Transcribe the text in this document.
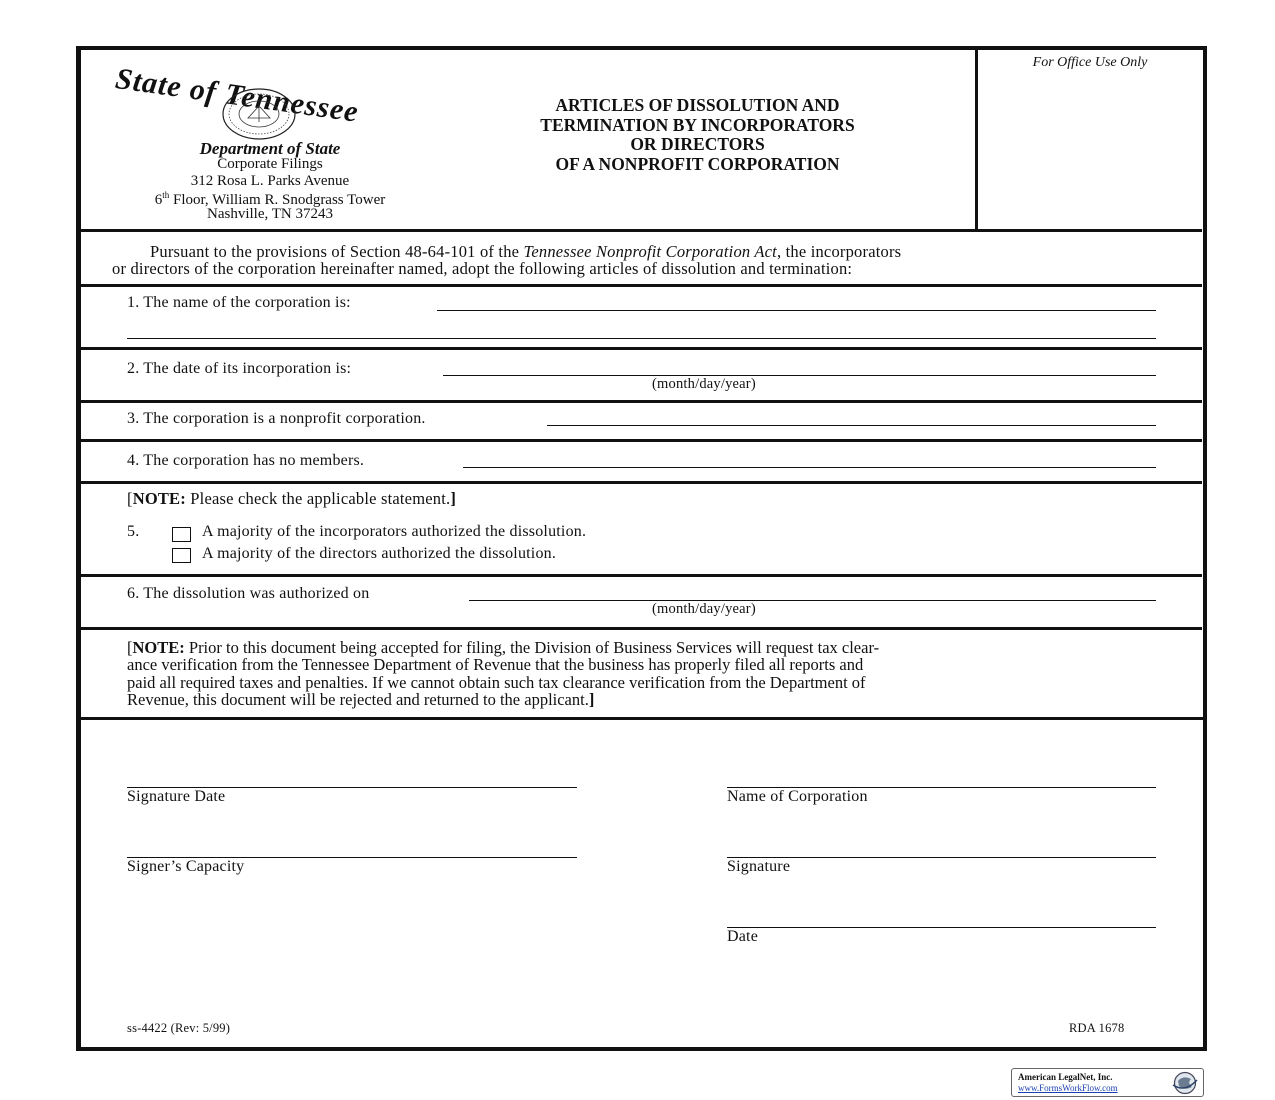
State of Tennessee
Department of State
Corporate Filings
312 Rosa L. Parks Avenue
6th Floor, William R. Snodgrass Tower
Nashville, TN 37243
ARTICLES OF DISSOLUTION AND
TERMINATION BY INCORPORATORS
OR DIRECTORS
OF A NONPROFIT CORPORATION
For Office Use Only
Pursuant to the provisions of Section 48-64-101 of the Tennessee Nonprofit Corporation Act, the incorporators
or directors of the corporation hereinafter named, adopt the following articles of dissolution and termination:
1. The name of the corporation is:
2. The date of its incorporation is:
(month/day/year)
3. The corporation is a nonprofit corporation.
4. The corporation has no members.
[NOTE: Please check the applicable statement.]
5.	A majority of the incorporators authorized the dissolution.
A majority of the directors authorized the dissolution.
6. The dissolution was authorized on
(month/day/year)
[NOTE: Prior to this document being accepted for filing, the Division of Business Services will request tax clear-
ance verification from the Tennessee Department of Revenue that the business has properly filed all reports and
paid all required taxes and penalties. If we cannot obtain such tax clearance verification from the Department of
Revenue, this document will be rejected and returned to the applicant.]
Signature Date	Name of Corporation
Signer’s Capacity	Signature
Date
ss-4422 (Rev: 5/99)	RDA 1678
American LegalNet, Inc.
www.FormsWorkFlow.com
